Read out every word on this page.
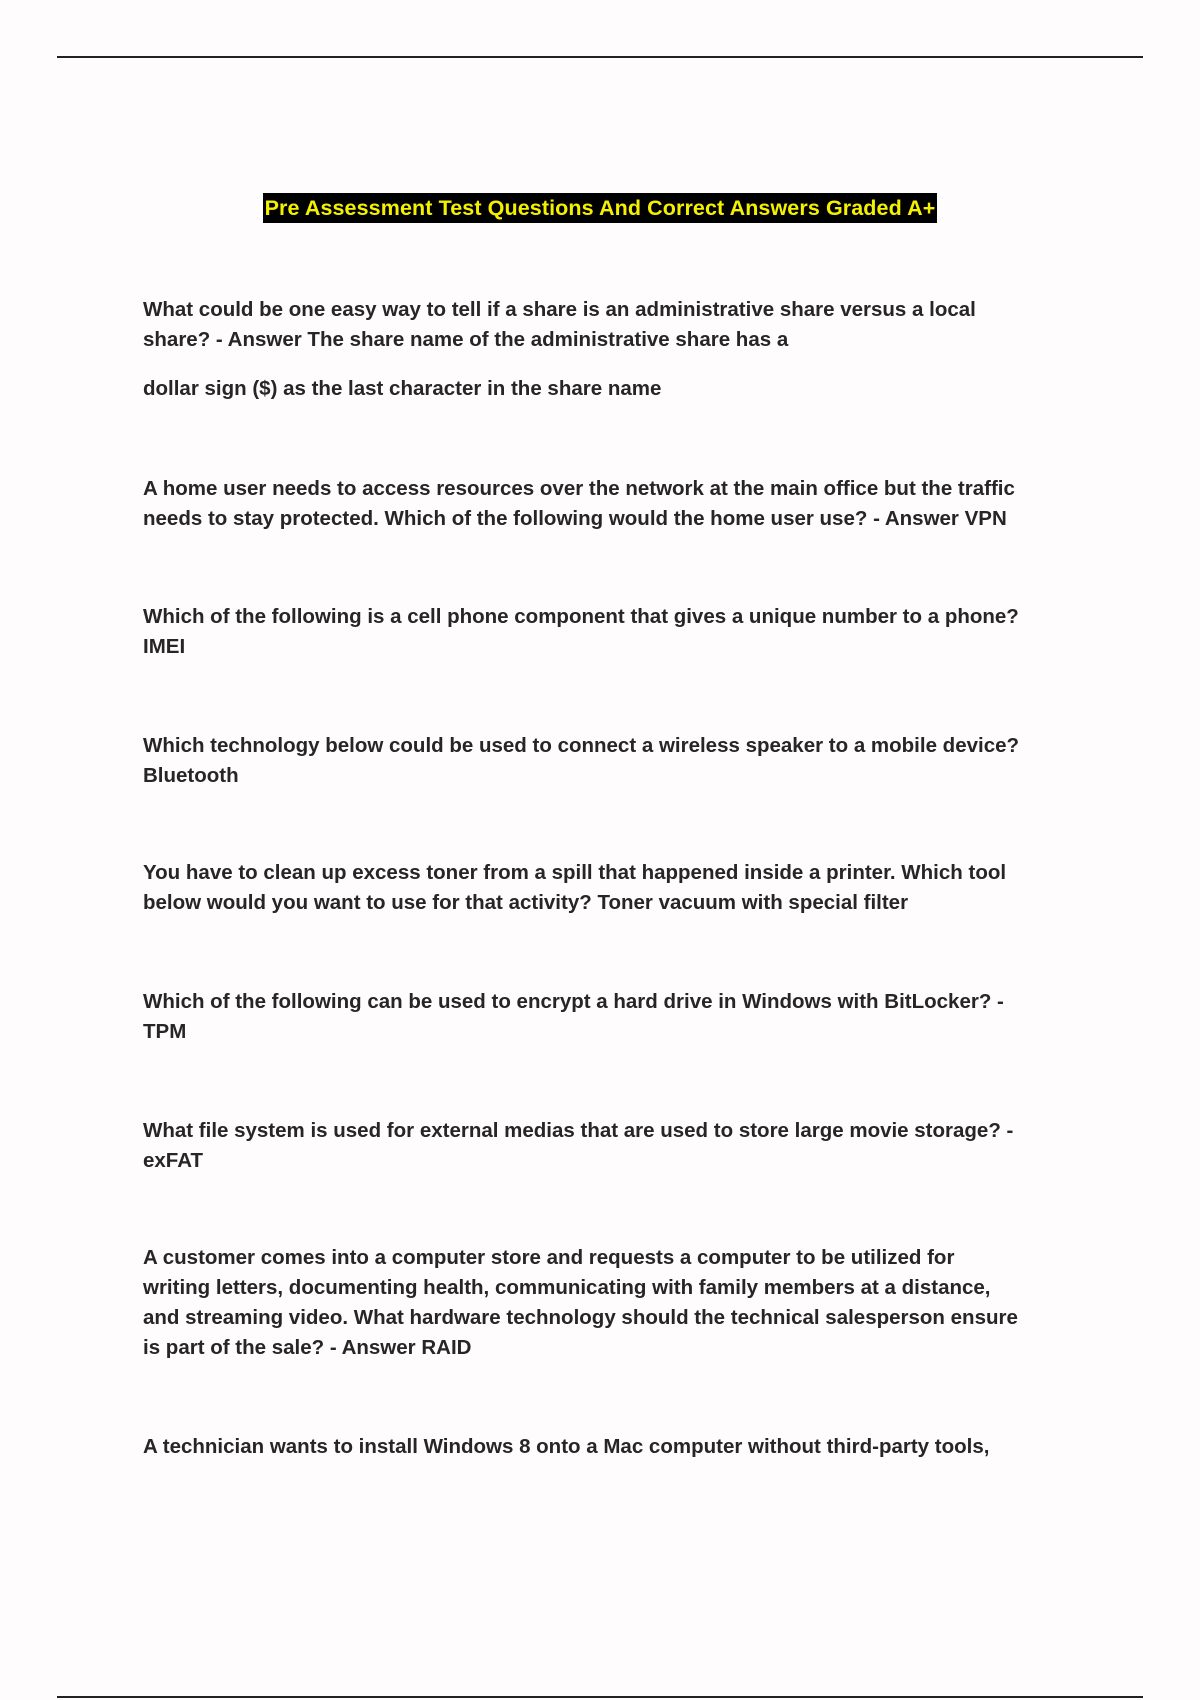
Pre Assessment Test Questions And Correct Answers Graded A+

What could be one easy way to tell if a share is an administrative share versus a local
share? - Answer The share name of the administrative share has a

dollar sign ($) as the last character in the share name

A home user needs to access resources over the network at the main office but the traffic
needs to stay protected. Which of the following would the home user use? - Answer VPN

Which of the following is a cell phone component that gives a unique number to a phone?
IMEI

Which technology below could be used to connect a wireless speaker to a mobile device?
Bluetooth

You have to clean up excess toner from a spill that happened inside a printer. Which tool
below would you want to use for that activity? Toner vacuum with special filter

Which of the following can be used to encrypt a hard drive in Windows with BitLocker? -
TPM

What file system is used for external medias that are used to store large movie storage? -
exFAT

A customer comes into a computer store and requests a computer to be utilized for
writing letters, documenting health, communicating with family members at a distance,
and streaming video. What hardware technology should the technical salesperson ensure
is part of the sale? - Answer RAID

A technician wants to install Windows 8 onto a Mac computer without third-party tools,
